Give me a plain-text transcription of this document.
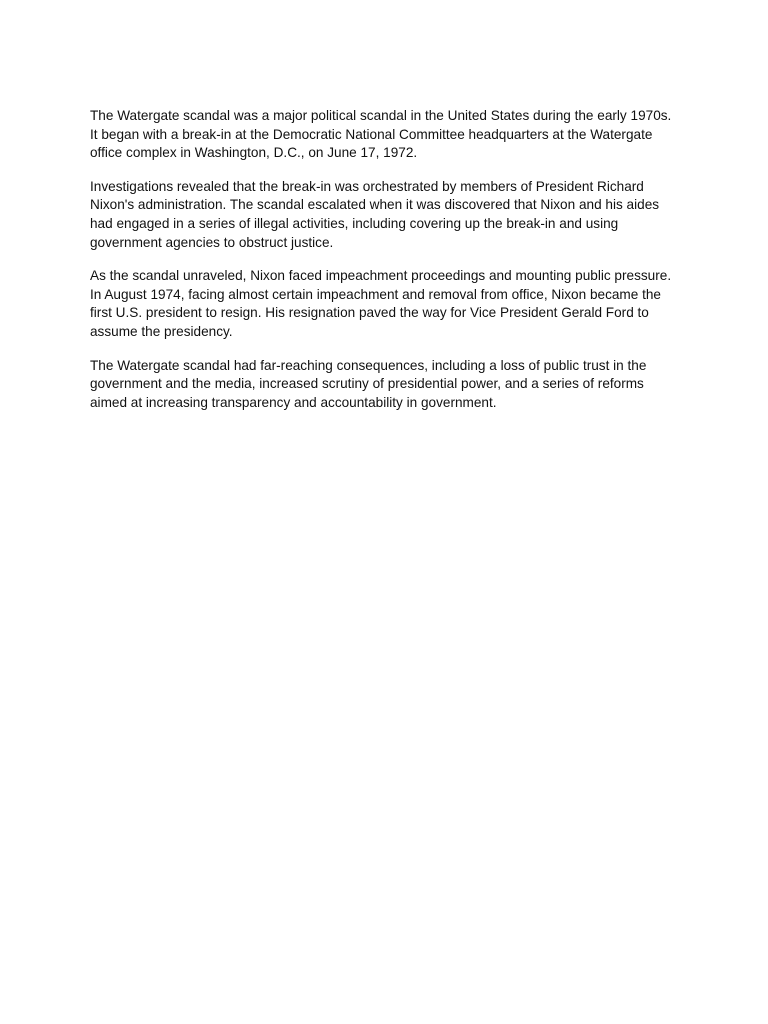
The Watergate scandal was a major political scandal in the United States during the early 1970s. It began with a break-in at the Democratic National Committee headquarters at the Watergate office complex in Washington, D.C., on June 17, 1972.

Investigations revealed that the break-in was orchestrated by members of President Richard Nixon's administration. The scandal escalated when it was discovered that Nixon and his aides had engaged in a series of illegal activities, including covering up the break-in and using government agencies to obstruct justice.

As the scandal unraveled, Nixon faced impeachment proceedings and mounting public pressure. In August 1974, facing almost certain impeachment and removal from office, Nixon became the first U.S. president to resign. His resignation paved the way for Vice President Gerald Ford to assume the presidency.

The Watergate scandal had far-reaching consequences, including a loss of public trust in the government and the media, increased scrutiny of presidential power, and a series of reforms aimed at increasing transparency and accountability in government.
